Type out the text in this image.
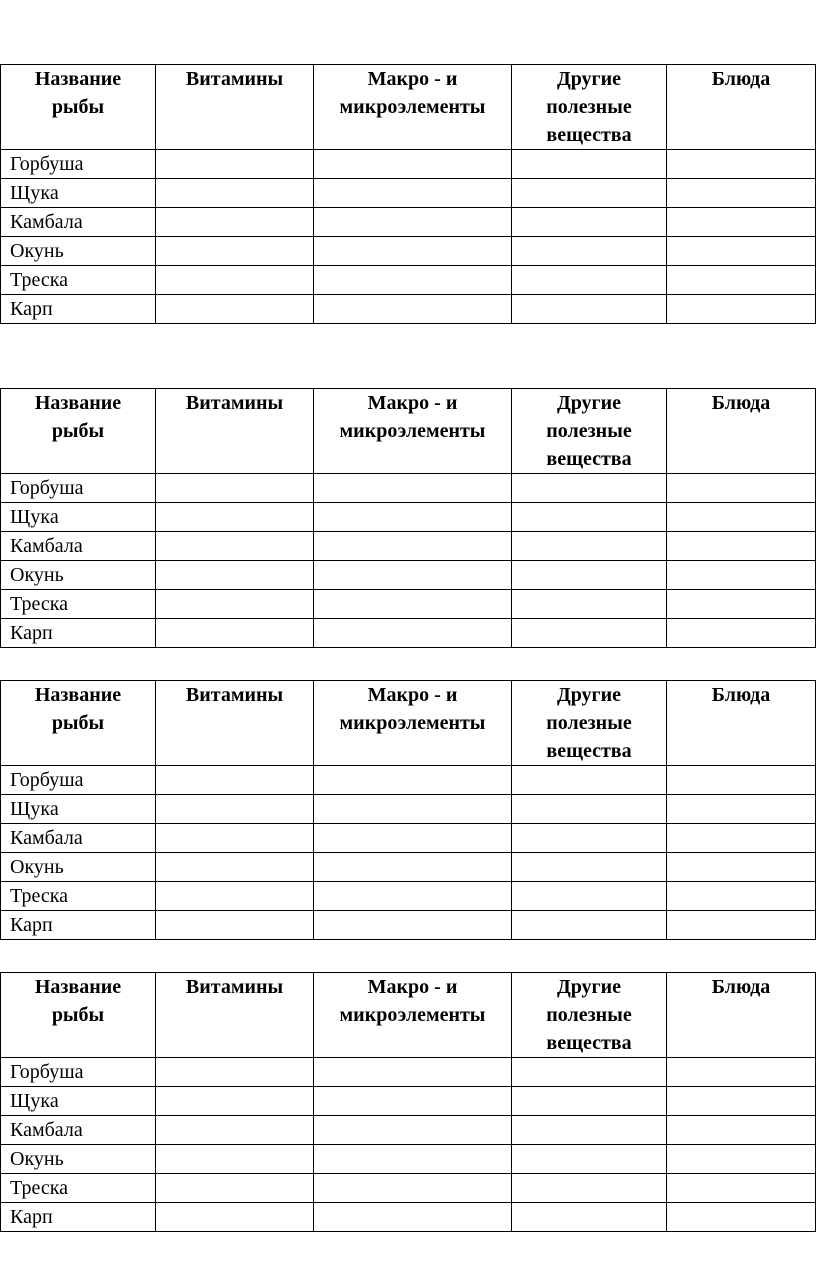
Название рыбы	Витамины	Макро - и микроэлементы	Другие полезные вещества	Блюда

Горбуша				
Щука				
Камбала				
Окунь				
Треска				
Карп				
Название рыбы	Витамины	Макро - и микроэлементы	Другие полезные вещества	Блюда

Горбуша				
Щука				
Камбала				
Окунь				
Треска				
Карп				
Название рыбы	Витамины	Макро - и микроэлементы	Другие полезные вещества	Блюда

Горбуша				
Щука				
Камбала				
Окунь				
Треска				
Карп				
Название рыбы	Витамины	Макро - и микроэлементы	Другие полезные вещества	Блюда

Горбуша				
Щука				
Камбала				
Окунь				
Треска				
Карп				
